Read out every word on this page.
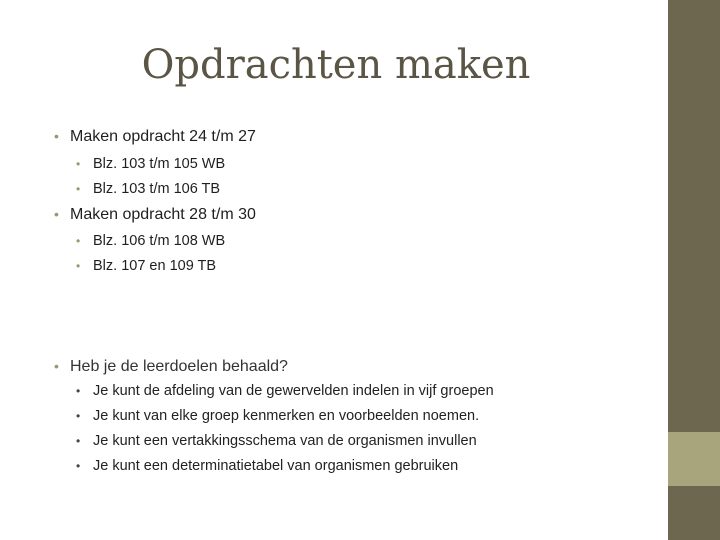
Opdrachten maken
• Maken opdracht 24 t/m 27
• Blz. 103 t/m 105 WB
• Blz. 103 t/m 106 TB
• Maken opdracht 28 t/m 30
• Blz. 106 t/m 108 WB
• Blz. 107 en 109 TB
• Heb je de leerdoelen behaald?
• Je kunt de afdeling van de gewervelden indelen in vijf groepen
• Je kunt van elke groep kenmerken en voorbeelden noemen.
• Je kunt een vertakkingsschema van de organismen invullen
• Je kunt een determinatietabel van organismen gebruiken
